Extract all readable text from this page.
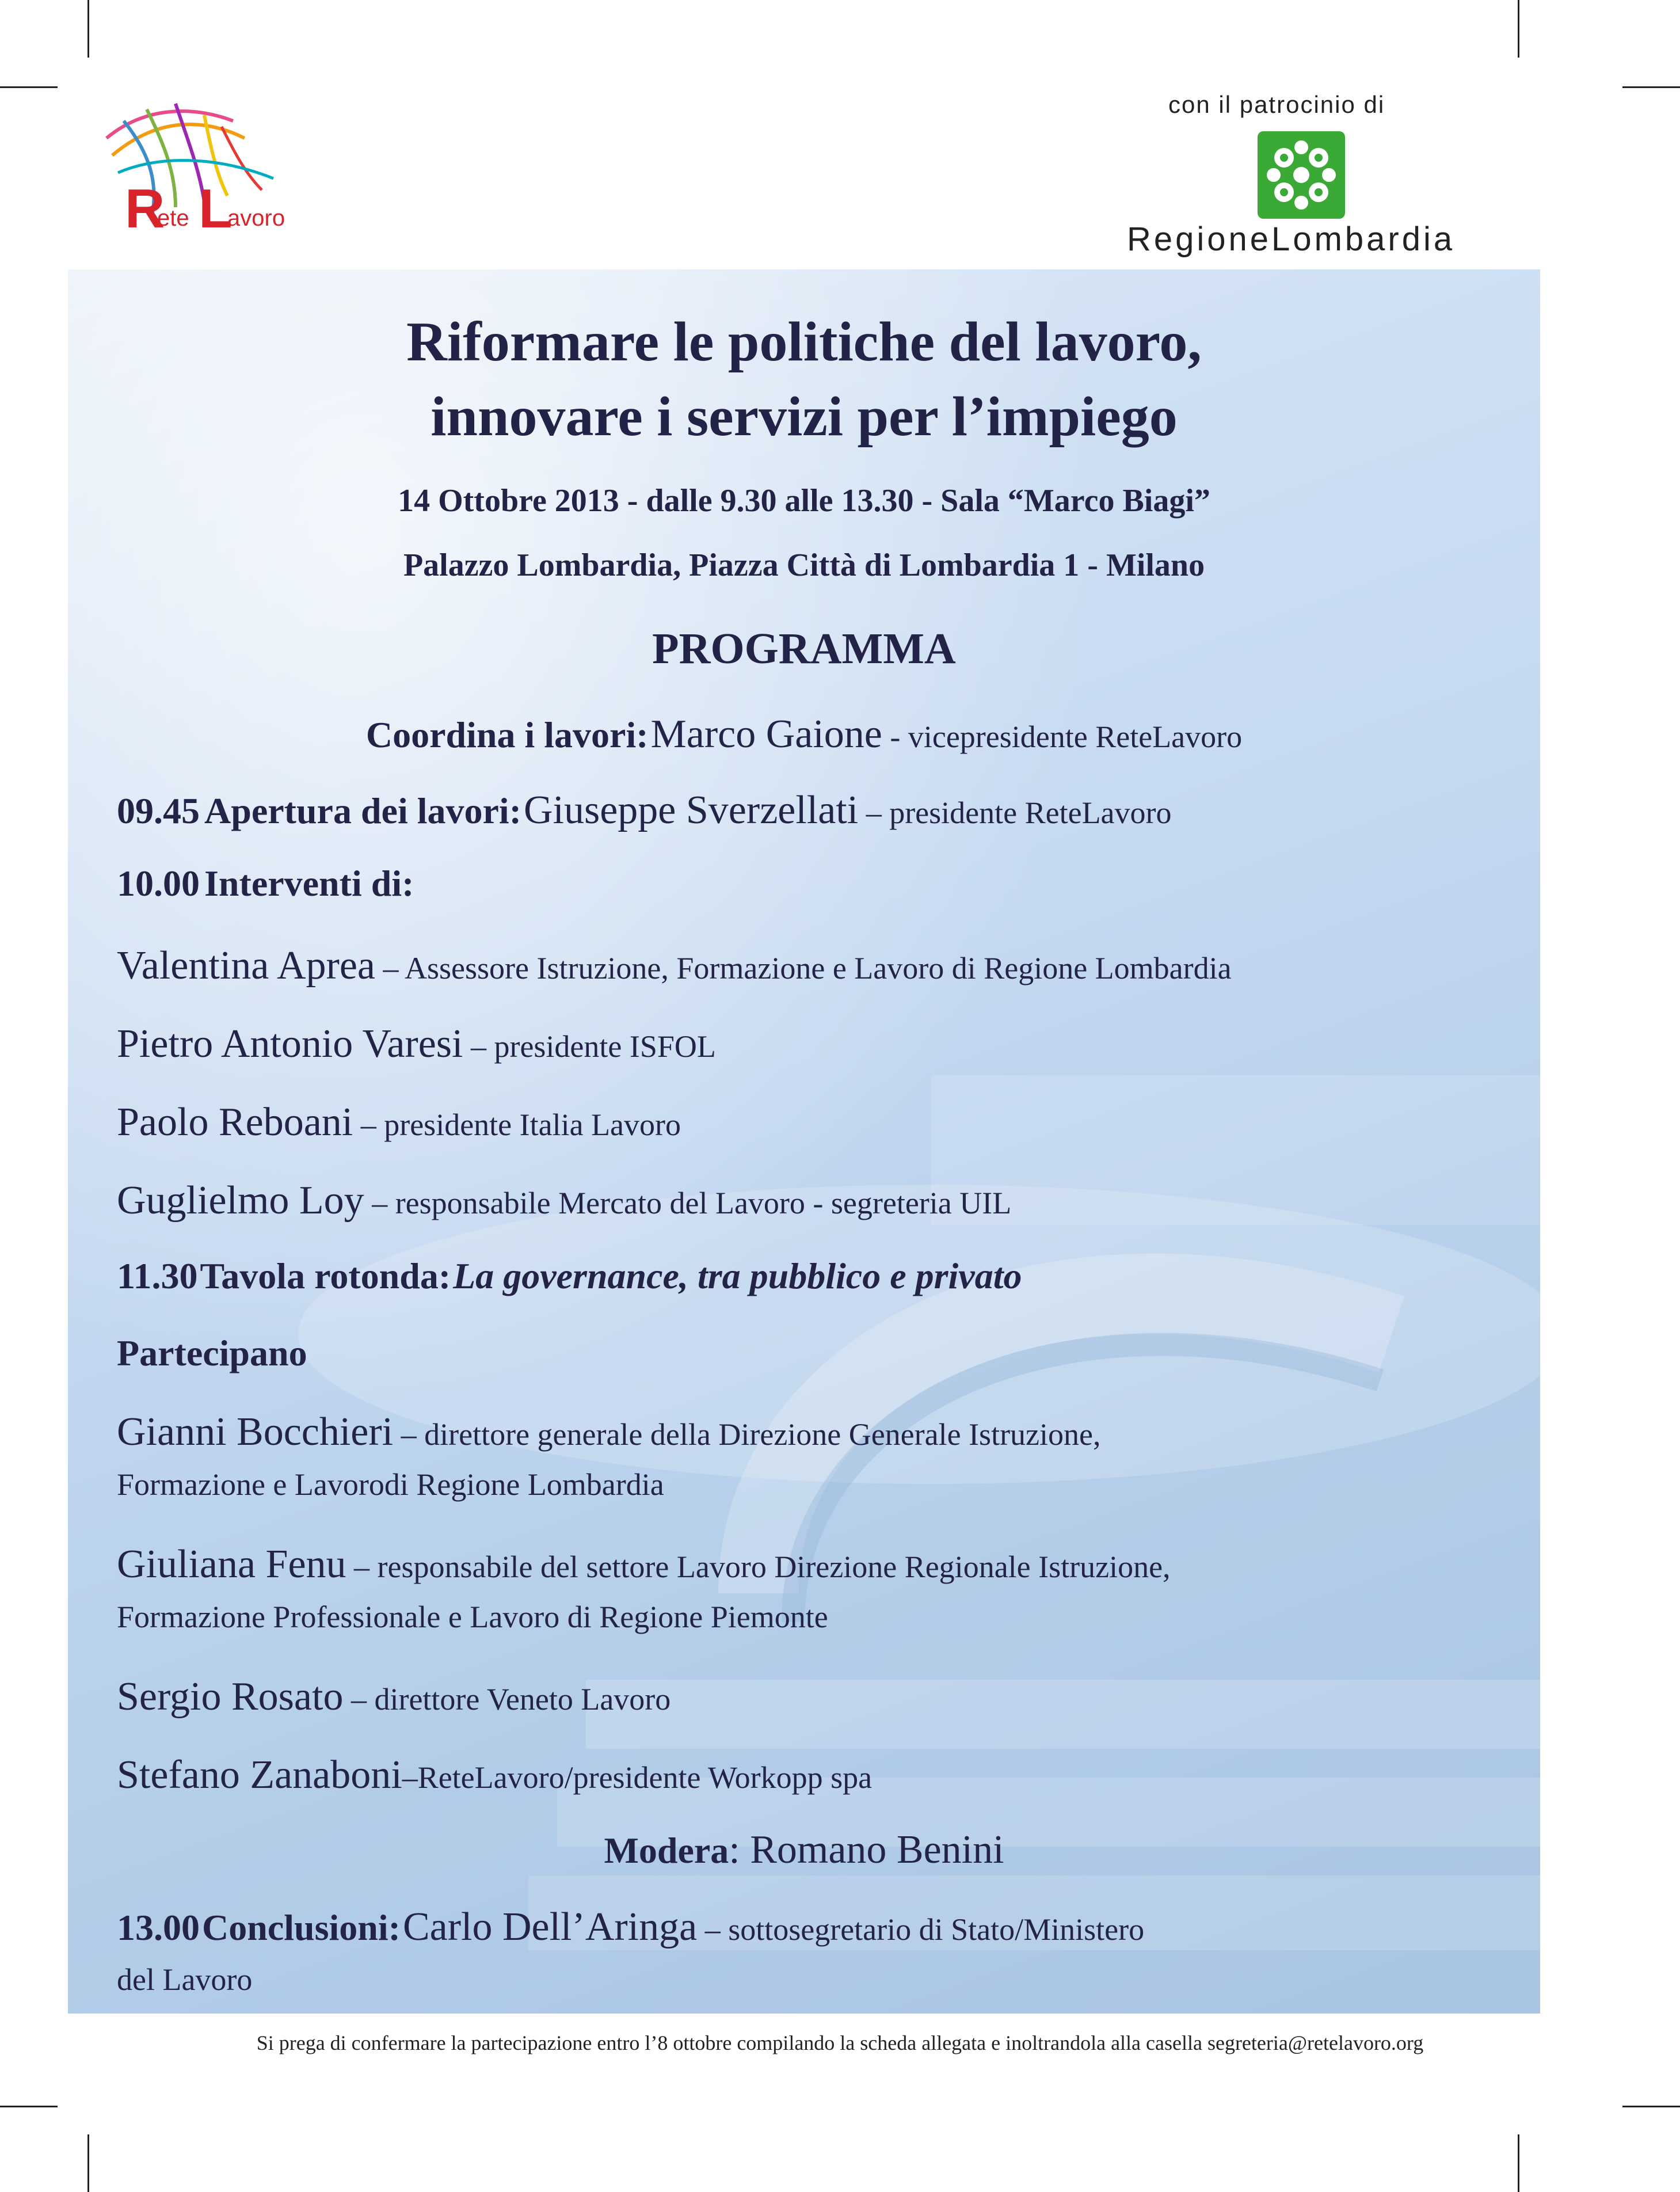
R
ete L
avoro
con il patrocinio di
RegioneLombardia
Riformare le politiche del lavoro,
innovare i servizi per l’impiego
14 Ottobre 2013 - dalle 9.30 alle 13.30 - Sala “Marco Biagi”
Palazzo Lombardia, Piazza Città di Lombardia 1 - Milano
PROGRAMMA
Coordina i lavori: Marco Gaione - vicepresidente ReteLavoro
09.45 Apertura dei lavori: Giuseppe Sverzellati – presidente ReteLavoro
10.00 Interventi di:
Valentina Aprea – Assessore Istruzione, Formazione e Lavoro di Regione Lombardia
Pietro Antonio Varesi – presidente ISFOL
Paolo Reboani – presidente Italia Lavoro
Guglielmo Loy – responsabile Mercato del Lavoro - segreteria UIL
11.30 Tavola rotonda: La governance, tra pubblico e privato
Partecipano
Gianni Bocchieri – direttore generale della Direzione Generale Istruzione,
Formazione e Lavorodi Regione Lombardia
Giuliana Fenu – responsabile del settore Lavoro Direzione Regionale Istruzione,
Formazione Professionale e Lavoro di Regione Piemonte
Sergio Rosato – direttore Veneto Lavoro
Stefano Zanaboni–ReteLavoro/presidente Workopp spa
Modera: Romano Benini
13.00 Conclusioni: Carlo Dell’Aringa – sottosegretario di Stato/Ministero
del Lavoro
Si prega di confermare la partecipazione entro l’8 ottobre compilando la scheda allegata e inoltrandola alla casella segreteria@retelavoro.org
